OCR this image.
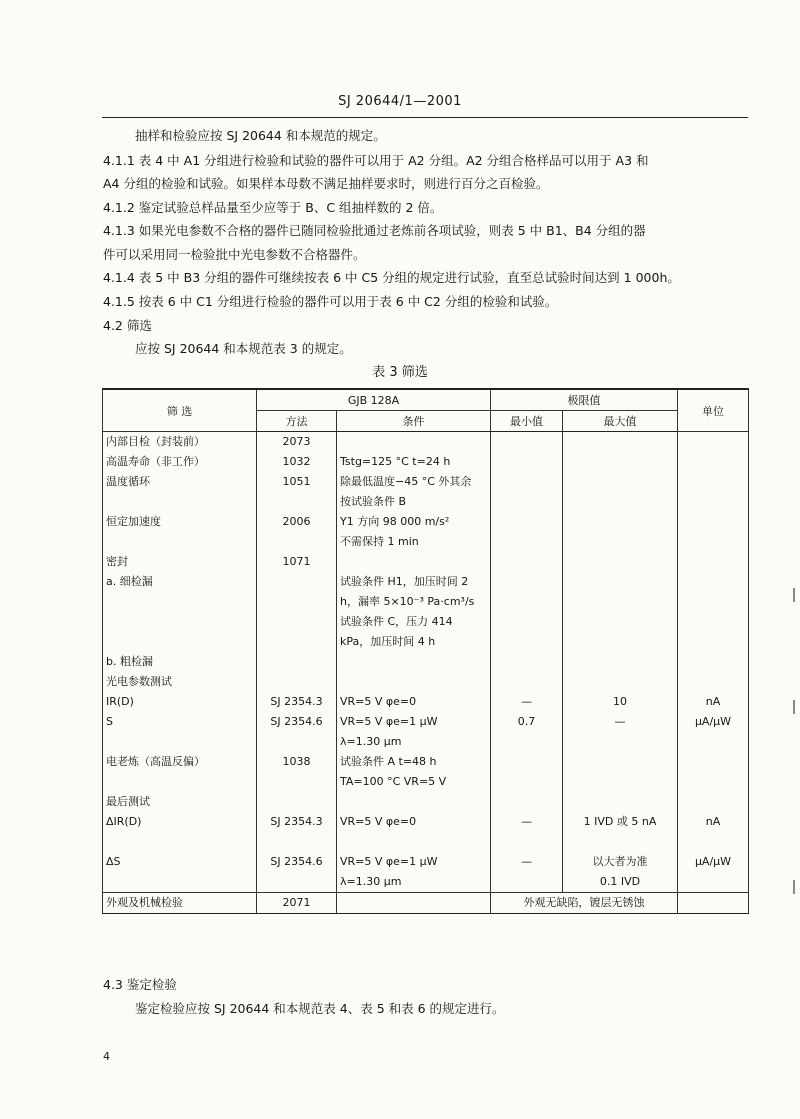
SJ 20644/1—2001
抽样和检验应按 SJ 20644 和本规范的规定。
4.1.1 表 4 中 A1 分组进行检验和试验的器件可以用于 A2 分组。A2 分组合格样品可以用于 A3 和
A4 分组的检验和试验。如果样本母数不满足抽样要求时，则进行百分之百检验。
4.1.2 鉴定试验总样品量至少应等于 B、C 组抽样数的 2 倍。
4.1.3 如果光电参数不合格的器件已随同检验批通过老炼前各项试验，则表 5 中 B1、B4 分组的器
件可以采用同一检验批中光电参数不合格器件。
4.1.4 表 5 中 B3 分组的器件可继续按表 6 中 C5 分组的规定进行试验，直至总试验时间达到 1 000h。
4.1.5 按表 6 中 C1 分组进行检验的器件可以用于表 6 中 C2 分组的检验和试验。
4.2 筛选
应按 SJ 20644 和本规范表 3 的规定。
表 3 筛选
筛 选	GJB 128A		极限值		单位
	方法	条件	最小值	最大值	
内部目检（封装前）	2073				
高温寿命（非工作）	1032	Tstg=125 °C t=24 h			
温度循环	1051	除最低温度−45 °C 外其余			
		按试验条件 B			
恒定加速度	2006	Y1 方向 98 000 m/s²			
		不需保持 1 min			
密封	1071				
a. 细检漏		试验条件 H1，加压时间 2			
		h，漏率 5×10⁻³ Pa·cm³/s			
		试验条件 C，压力 414			
		kPa，加压时间 4 h			
b. 粗检漏					
光电参数测试					
IR(D)	SJ 2354.3	VR=5 V φe=0	—	10	nA
S	SJ 2354.6	VR=5 V φe=1 μW	0.7	—	μA/μW
		λ=1.30 μm			
电老炼（高温反偏）	1038	试验条件 A t=48 h			
		TA=100 °C VR=5 V			
最后测试					
ΔIR(D)	SJ 2354.3	VR=5 V φe=0	—	1 IVD 或 5 nA	nA

ΔS	SJ 2354.6	VR=5 V φe=1 μW	—	以大者为准	μA/μW
		λ=1.30 μm		0.1 IVD	
外观及机械检验	2071		外观无缺陷，镀层无锈蚀		
4.3 鉴定检验
鉴定检验应按 SJ 20644 和本规范表 4、表 5 和表 6 的规定进行。
4
